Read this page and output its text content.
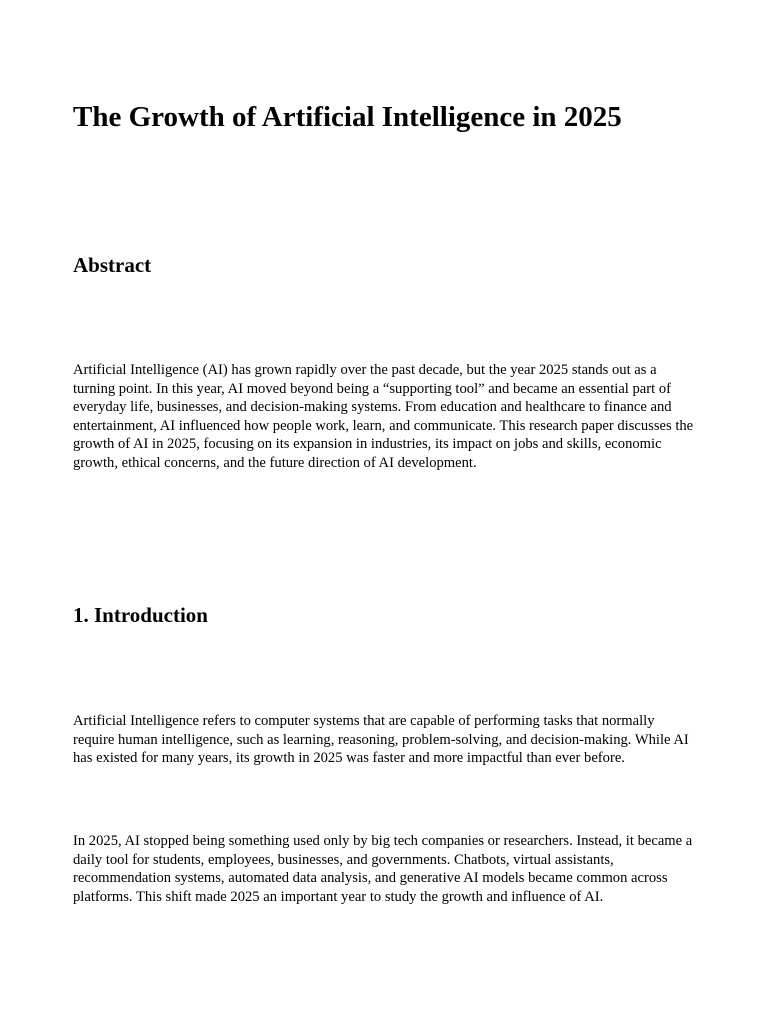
The Growth of Artificial Intelligence in 2025
Abstract

Artificial Intelligence (AI) has grown rapidly over the past decade, but the year 2025 stands out as a turning point. In this year, AI moved beyond being a “supporting tool” and became an essential part of everyday life, businesses, and decision-making systems. From education and healthcare to finance and entertainment, AI influenced how people work, learn, and communicate. This research paper discusses the growth of AI in 2025, focusing on its expansion in industries, its impact on jobs and skills, economic growth, ethical concerns, and the future direction of AI development.

1. Introduction

Artificial Intelligence refers to computer systems that are capable of performing tasks that normally require human intelligence, such as learning, reasoning, problem-solving, and decision-making. While AI has existed for many years, its growth in 2025 was faster and more impactful than ever before.

In 2025, AI stopped being something used only by big tech companies or researchers. Instead, it became a daily tool for students, employees, businesses, and governments. Chatbots, virtual assistants, recommendation systems, automated data analysis, and generative AI models became common across platforms. This shift made 2025 an important year to study the growth and influence of AI.
